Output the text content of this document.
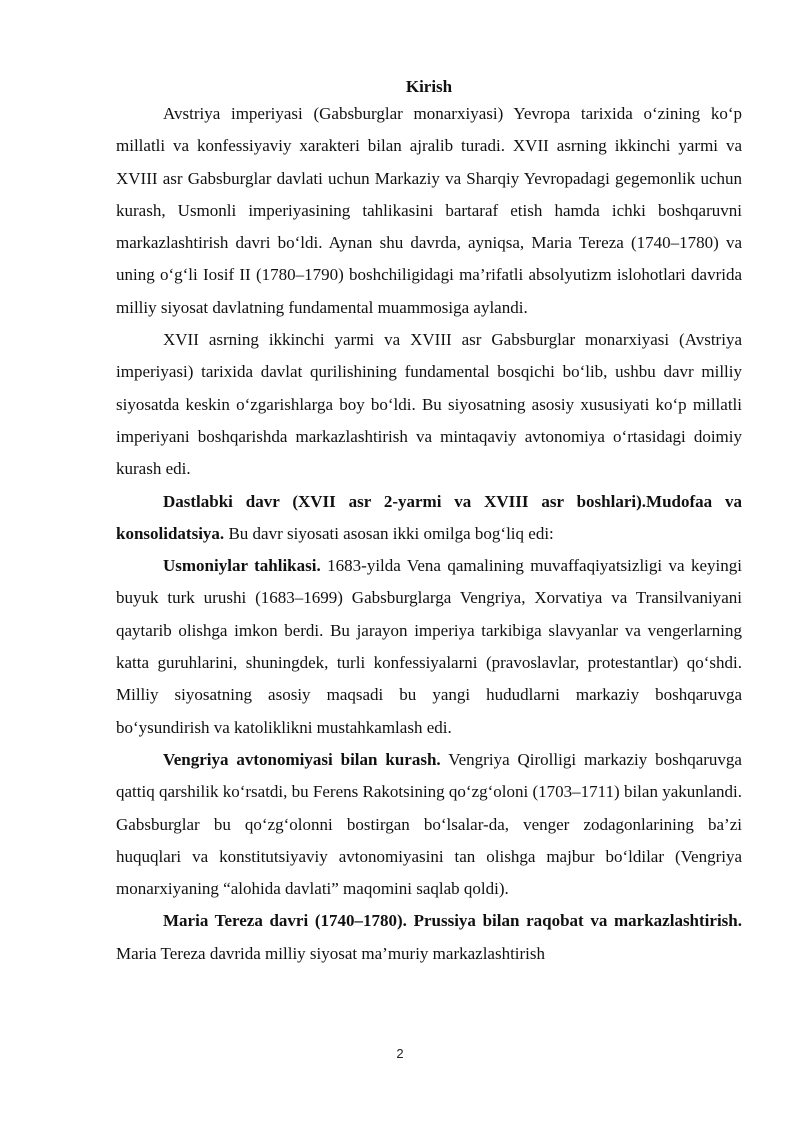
Kirish

Avstriya imperiyasi (Gabsburglar monarxiyasi) Yevropa tarixida o‘zining ko‘p millatli va konfessiyaviy xarakteri bilan ajralib turadi. XVII asrning ikkinchi yarmi va XVIII asr Gabsburglar davlati uchun Markaziy va Sharqiy Yevropadagi gegemonlik uchun kurash, Usmonli imperiyasining tahlikasini bartaraf etish hamda ichki boshqaruvni markazlashtirish davri bo‘ldi. Aynan shu davrda, ayniqsa, Maria Tereza (1740–1780) va uning o‘g‘li Iosif II (1780–1790) boshchiligidagi ma’rifatli absolyutizm islohotlari davrida milliy siyosat davlatning fundamental muammosiga aylandi.

XVII asrning ikkinchi yarmi va XVIII asr Gabsburglar monarxiyasi (Avstriya imperiyasi) tarixida davlat qurilishining fundamental bosqichi bo‘lib, ushbu davr milliy siyosatda keskin o‘zgarishlarga boy bo‘ldi. Bu siyosatning asosiy xususiyati ko‘p millatli imperiyani boshqarishda markazlashtirish va mintaqaviy avtonomiya o‘rtasidagi doimiy kurash edi.

Dastlabki davr (XVII asr 2-yarmi va XVIII asr boshlari).Mudofaa va konsolidatsiya. Bu davr siyosati asosan ikki omilga bog‘liq edi:

Usmoniylar tahlikasi. 1683-yilda Vena qamalining muvaffaqiyatsizligi va keyingi buyuk turk urushi (1683–1699) Gabsburglarga Vengriya, Xorvatiya va Transilvaniyani qaytarib olishga imkon berdi. Bu jarayon imperiya tarkibiga slavyanlar va vengerlarning katta guruhlarini, shuningdek, turli konfessiyalarni (pravoslavlar, protestantlar) qo‘shdi. Milliy siyosatning asosiy maqsadi bu yangi hududlarni markaziy boshqaruvga bo‘ysundirish va katoliklikni mustahkamlash edi.

Vengriya avtonomiyasi bilan kurash. Vengriya Qirolligi markaziy boshqaruvga qattiq qarshilik ko‘rsatdi, bu Ferens Rakotsining qo‘zg‘oloni (1703–1711) bilan yakunlandi. Gabsburglar bu qo‘zg‘olonni bostirgan bo‘lsalar-da, venger zodagonlarining ba’zi huquqlari va konstitutsiyaviy avtonomiyasini tan olishga majbur bo‘ldilar (Vengriya monarxiyaning “alohida davlati” maqomini saqlab qoldi).

Maria Tereza davri (1740–1780). Prussiya bilan raqobat va markazlashtirish. Maria Tereza davrida milliy siyosat ma’muriy markazlashtirish

2
